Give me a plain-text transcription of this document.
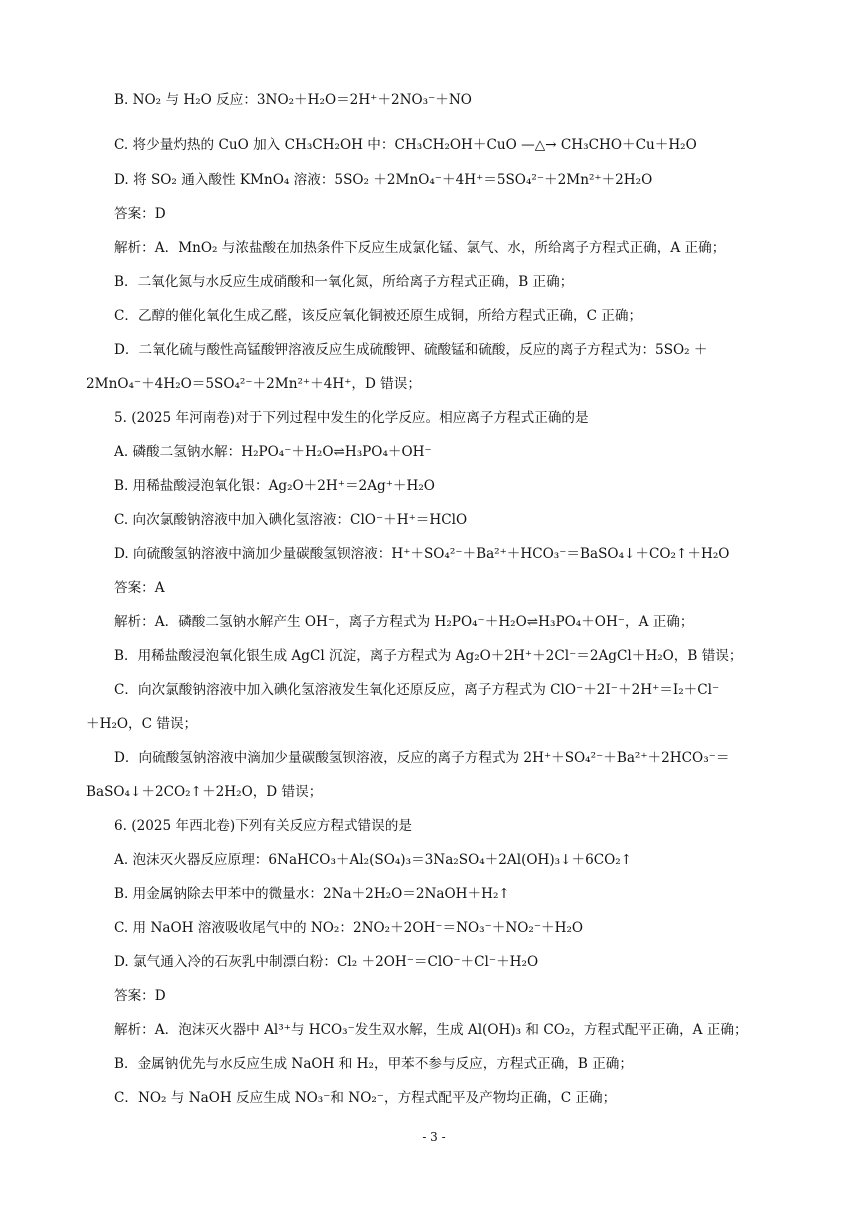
B. NO₂ 与 H₂O 反应：3NO₂＋H₂O＝2H⁺＋2NO₃⁻＋NO
C. 将少量灼热的 CuO 加入 CH₃CH₂OH 中：CH₃CH₂OH＋CuO —△→ CH₃CHO＋Cu＋H₂O
D. 将 SO₂ 通入酸性 KMnO₄ 溶液：5SO₂ ＋2MnO₄⁻＋4H⁺＝5SO₄²⁻＋2Mn²⁺＋2H₂O
答案：D
解析：A．MnO₂ 与浓盐酸在加热条件下反应生成氯化锰、氯气、水，所给离子方程式正确，A 正确；
B．二氧化氮与水反应生成硝酸和一氧化氮，所给离子方程式正确，B 正确；
C．乙醇的催化氧化生成乙醛，该反应氧化铜被还原生成铜，所给方程式正确，C 正确；
D．二氧化硫与酸性高锰酸钾溶液反应生成硫酸钾、硫酸锰和硫酸，反应的离子方程式为：5SO₂ ＋
2MnO₄⁻＋4H₂O＝5SO₄²⁻＋2Mn²⁺＋4H⁺，D 错误；
5. (2025 年河南卷)对于下列过程中发生的化学反应。相应离子方程式正确的是
A. 磷酸二氢钠水解：H₂PO₄⁻＋H₂O⇌H₃PO₄＋OH⁻
B. 用稀盐酸浸泡氧化银：Ag₂O＋2H⁺＝2Ag⁺＋H₂O
C. 向次氯酸钠溶液中加入碘化氢溶液：ClO⁻＋H⁺＝HClO
D. 向硫酸氢钠溶液中滴加少量碳酸氢钡溶液：H⁺＋SO₄²⁻＋Ba²⁺＋HCO₃⁻＝BaSO₄↓＋CO₂↑＋H₂O
答案：A
解析：A．磷酸二氢钠水解产生 OH⁻，离子方程式为 H₂PO₄⁻＋H₂O⇌H₃PO₄＋OH⁻，A 正确；
B．用稀盐酸浸泡氧化银生成 AgCl 沉淀，离子方程式为 Ag₂O＋2H⁺＋2Cl⁻＝2AgCl＋H₂O，B 错误；
C．向次氯酸钠溶液中加入碘化氢溶液发生氧化还原反应，离子方程式为 ClO⁻＋2I⁻＋2H⁺＝I₂＋Cl⁻
＋H₂O，C 错误；
D．向硫酸氢钠溶液中滴加少量碳酸氢钡溶液，反应的离子方程式为 2H⁺＋SO₄²⁻＋Ba²⁺＋2HCO₃⁻＝
BaSO₄↓＋2CO₂↑＋2H₂O，D 错误；
6. (2025 年西北卷)下列有关反应方程式错误的是
A. 泡沫灭火器反应原理：6NaHCO₃＋Al₂(SO₄)₃＝3Na₂SO₄＋2Al(OH)₃↓＋6CO₂↑
B. 用金属钠除去甲苯中的微量水：2Na＋2H₂O＝2NaOH＋H₂↑
C. 用 NaOH 溶液吸收尾气中的 NO₂：2NO₂＋2OH⁻＝NO₃⁻＋NO₂⁻＋H₂O
D. 氯气通入冷的石灰乳中制漂白粉：Cl₂ ＋2OH⁻＝ClO⁻＋Cl⁻＋H₂O
答案：D
解析：A．泡沫灭火器中 Al³⁺与 HCO₃⁻发生双水解，生成 Al(OH)₃ 和 CO₂，方程式配平正确，A 正确；
B．金属钠优先与水反应生成 NaOH 和 H₂，甲苯不参与反应，方程式正确，B 正确；
C．NO₂ 与 NaOH 反应生成 NO₃⁻和 NO₂⁻，方程式配平及产物均正确，C 正确；
- 3 -
